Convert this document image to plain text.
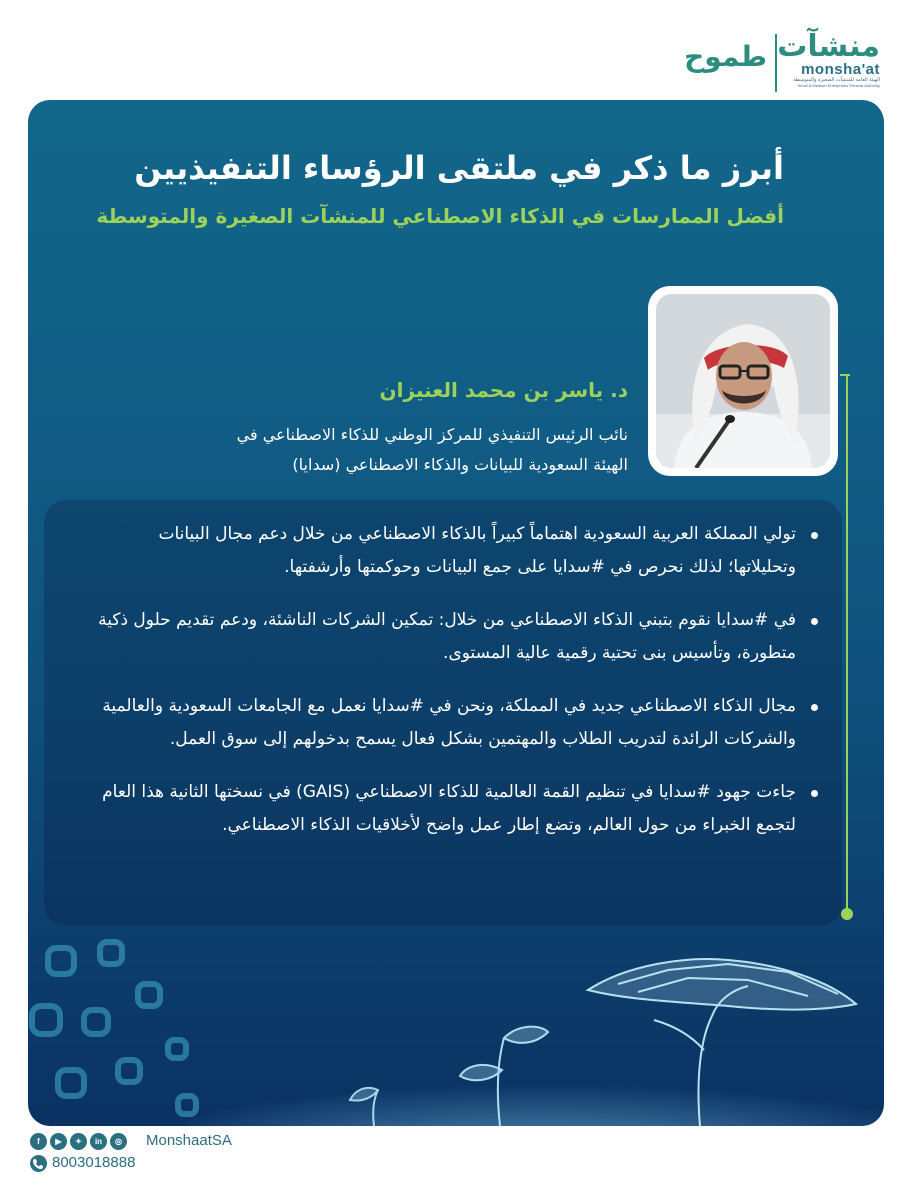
منشآت
monsha'at
الهيئة العامة للمنشآت الصغيرة والمتوسطة
Small & Medium Enterprises General Authority
طموح
أبرز ما ذكر في ملتقى الرؤساء التنفيذيين
أفضل الممارسات في الذكاء الاصطناعي للمنشآت الصغيرة والمتوسطة
د. ياسر بن محمد العنيزان
نائب الرئيس التنفيذي للمركز الوطني للذكاء الاصطناعي في
الهيئة السعودية للبيانات والذكاء الاصطناعي (سدايا)
تولي المملكة العربية السعودية اهتماماً كبيراً بالذكاء الاصطناعي من خلال دعم مجال البيانات وتحليلاتها؛ لذلك نحرص في #سدايا على جمع البيانات وحوكمتها وأرشفتها.
في #سدايا نقوم بتبني الذكاء الاصطناعي من خلال: تمكين الشركات الناشئة، ودعم تقديم حلول ذكية متطورة، وتأسيس بنى تحتية رقمية عالية المستوى.
مجال الذكاء الاصطناعي جديد في المملكة، ونحن في #سدايا نعمل مع الجامعات السعودية والعالمية والشركات الرائدة لتدريب الطلاب والمهتمين بشكل فعال يسمح بدخولهم إلى سوق العمل.
جاءت جهود #سدايا في تنظيم القمة العالمية للذكاء الاصطناعي (GAIS) في نسختها الثانية هذا العام لتجمع الخبراء من حول العالم، وتضع إطار عمل واضح لأخلاقيات الذكاء الاصطناعي.
f	▶	✦	in	◎	MonshaatSA
8003018888
